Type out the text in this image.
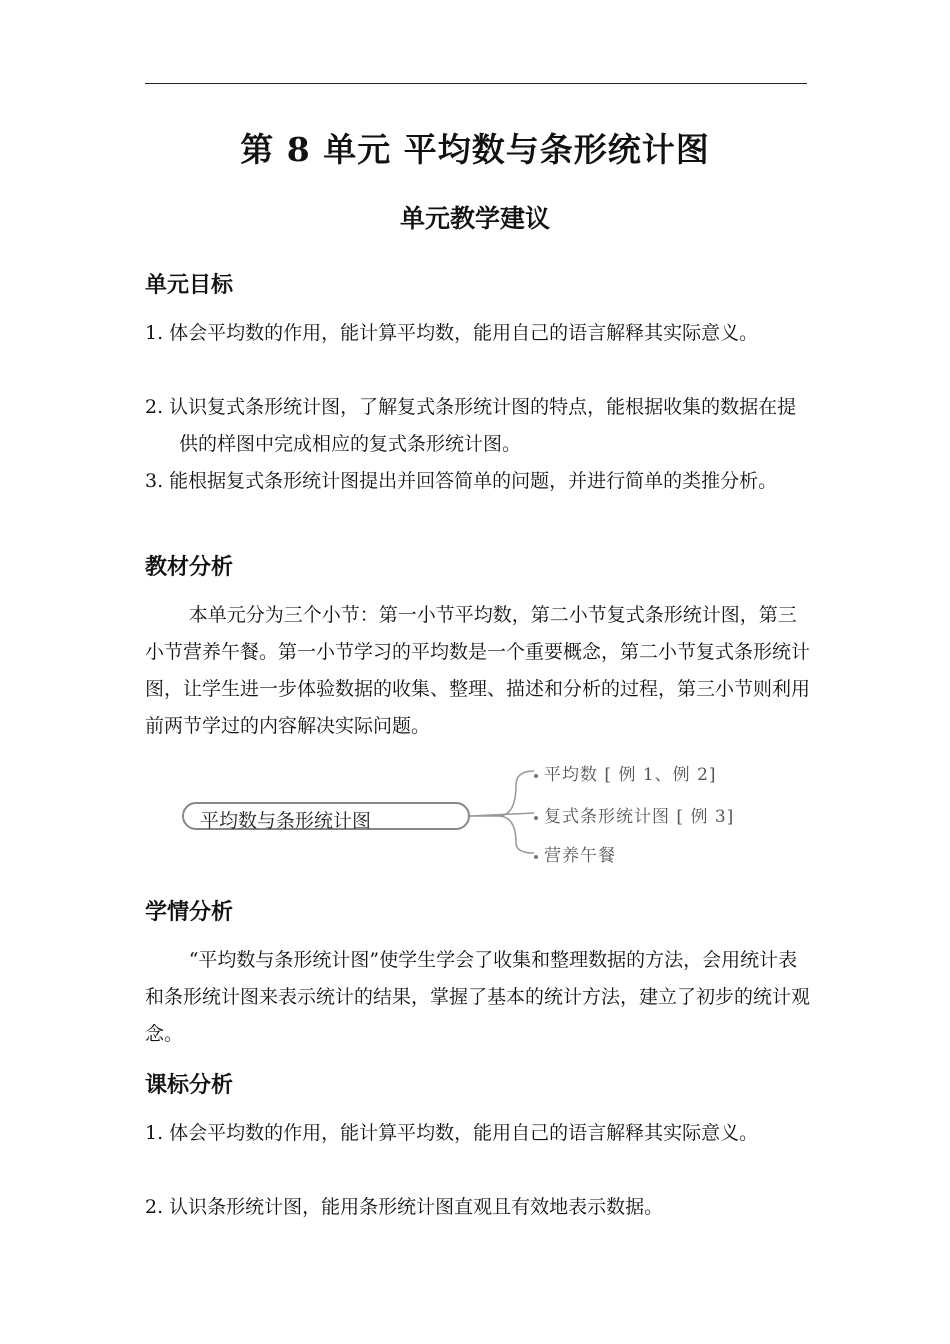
第 8 单元 平均数与条形统计图
单元教学建议
单元目标
1. 体会平均数的作用，能计算平均数，能用自己的语言解释其实际意义。
2. 认识复式条形统计图，了解复式条形统计图的特点，能根据收集的数据在提供的样图中完成相应的复式条形统计图。
3. 能根据复式条形统计图提出并回答简单的问题，并进行简单的类推分析。
教材分析
本单元分为三个小节：第一小节平均数，第二小节复式条形统计图，第三小节营养午餐。第一小节学习的平均数是一个重要概念，第二小节复式条形统计图，让学生进一步体验数据的收集、整理、描述和分析的过程，第三小节则利用前两节学过的内容解决实际问题。
平均数与条形统计图
平均数 [ 例 1、例 2]
复式条形统计图 [ 例 3]
营养午餐
学情分析
“平均数与条形统计图”使学生学会了收集和整理数据的方法，会用统计表和条形统计图来表示统计的结果，掌握了基本的统计方法，建立了初步的统计观念。
课标分析
1. 体会平均数的作用，能计算平均数，能用自己的语言解释其实际意义。
2. 认识条形统计图，能用条形统计图直观且有效地表示数据。
